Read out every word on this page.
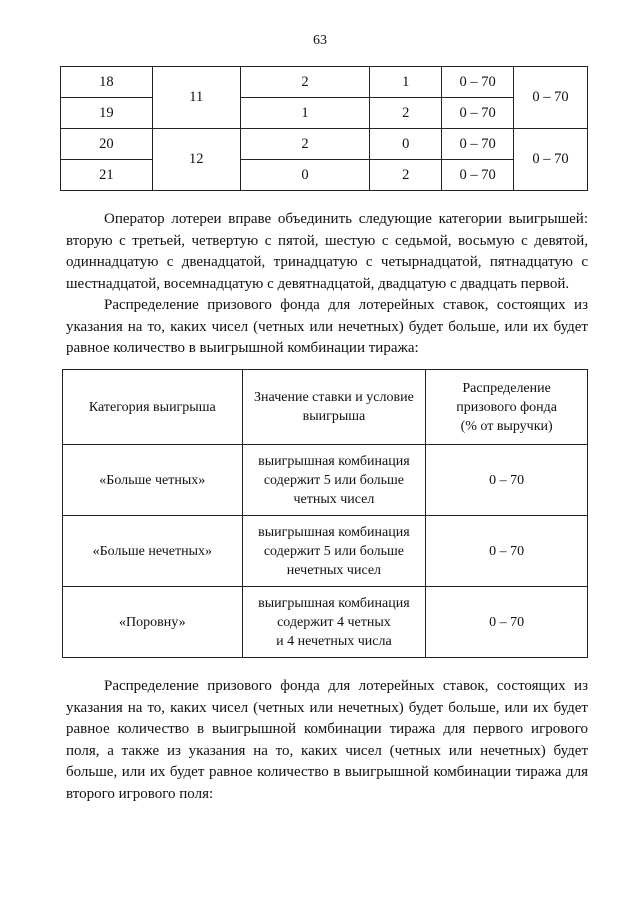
63
18	11	2	1	0 – 70	0 – 70
19		1	2	0 – 70	
20	12	2	0	0 – 70	0 – 70
21		0	2	0 – 70	

Оператор лотереи вправе объединить следующие категории выигрышей: вторую с третьей, четвертую с пятой, шестую с седьмой, восьмую с девятой, одиннадцатую с двенадцатой, тринадцатую с четырнадцатой, пятнадцатую с шестнадцатой, восемнадцатую с девятнадцатой, двадцатую с двадцать первой.

Распределение призового фонда для лотерейных ставок, состоящих из указания на то, каких чисел (четных или нечетных) будет больше, или их будет равное количество в выигрышной комбинации тиража:

Категория выигрыша	Значение ставки и условие
выигрыша	Распределение
призового фонда
(% от выручки)
«Больше четных»	выигрышная комбинация
содержит 5 или больше
четных чисел	0 – 70
«Больше нечетных»	выигрышная комбинация
содержит 5 или больше
нечетных чисел	0 – 70
«Поровну»	выигрышная комбинация
содержит 4 четных
и 4 нечетных числа	0 – 70

Распределение призового фонда для лотерейных ставок, состоящих из указания на то, каких чисел (четных или нечетных) будет больше, или их будет равное количество в выигрышной комбинации тиража для первого игрового поля, а также из указания на то, каких чисел (четных или нечетных) будет больше, или их будет равное количество в выигрышной комбинации тиража для второго игрового поля:
